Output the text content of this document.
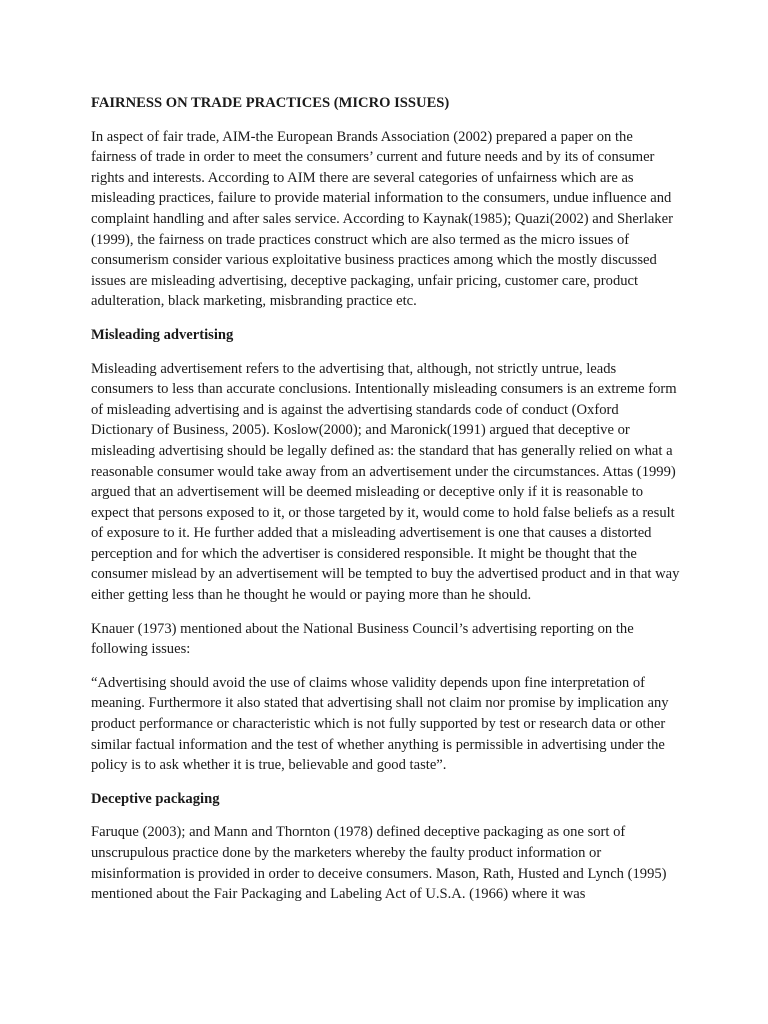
FAIRNESS ON TRADE PRACTICES (MICRO ISSUES)

In aspect of fair trade, AIM-the European Brands Association (2002) prepared a paper on the fairness of trade in order to meet the consumers’ current and future needs and by its of consumer rights and interests. According to AIM there are several categories of unfairness which are as misleading practices, failure to provide material information to the consumers, undue influence and complaint handling and after sales service. According to Kaynak(1985); Quazi(2002) and Sherlaker (1999), the fairness on trade practices construct which are also termed as the micro issues of consumerism consider various exploitative business practices among which the mostly discussed issues are misleading advertising, deceptive packaging, unfair pricing, customer care, product adulteration, black marketing, misbranding practice etc.

Misleading advertising

Misleading advertisement refers to the advertising that, although, not strictly untrue, leads consumers to less than accurate conclusions. Intentionally misleading consumers is an extreme form of misleading advertising and is against the advertising standards code of conduct (Oxford Dictionary of Business, 2005). Koslow(2000); and Maronick(1991) argued that deceptive or misleading advertising should be legally defined as: the standard that has generally relied on what a reasonable consumer would take away from an advertisement under the circumstances. Attas (1999) argued that an advertisement will be deemed misleading or deceptive only if it is reasonable to expect that persons exposed to it, or those targeted by it, would come to hold false beliefs as a result of exposure to it. He further added that a misleading advertisement is one that causes a distorted perception and for which the advertiser is considered responsible. It might be thought that the consumer mislead by an advertisement will be tempted to buy the advertised product and in that way either getting less than he thought he would or paying more than he should.

Knauer (1973) mentioned about the National Business Council’s advertising reporting on the following issues:

“Advertising should avoid the use of claims whose validity depends upon fine interpretation of meaning. Furthermore it also stated that advertising shall not claim nor promise by implication any product performance or characteristic which is not fully supported by test or research data or other similar factual information and the test of whether anything is permissible in advertising under the policy is to ask whether it is true, believable and good taste”.

Deceptive packaging

Faruque (2003); and Mann and Thornton (1978) defined deceptive packaging as one sort of unscrupulous practice done by the marketers whereby the faulty product information or misinformation is provided in order to deceive consumers. Mason, Rath, Husted and Lynch (1995) mentioned about the Fair Packaging and Labeling Act of U.S.A. (1966) where it was
